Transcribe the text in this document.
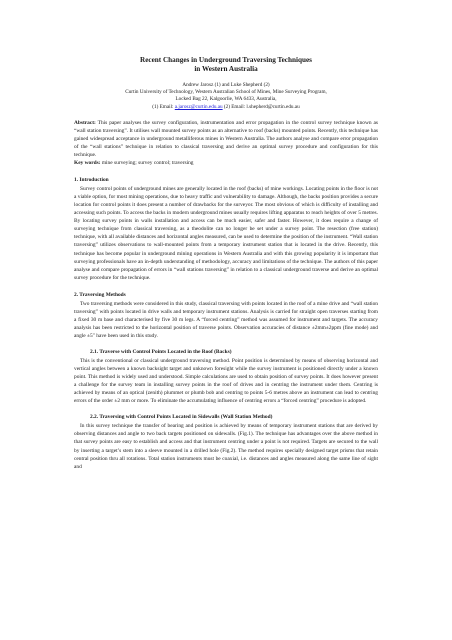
Recent Changes in Underground Traversing Techniques
in Western Australia
Andrew Jarosz (1) and Luke Shepherd (2)
Curtin University of Technology, Western Australian School of Mines, Mine Surveying Program,
Locked Bag 22, Kalgoorlie, WA 6433, Australia,
(1) Email: a.jarosz@curtin.edu.au (2) Email: l.shepherd@curtin.edu.au

Abstract: This paper analyses the survey configuration, instrumentation and error propagation in the control survey technique known as “wall station traversing”. It utilises wall mounted survey points as an alternative to roof (backs) mounted points. Recently, this technique has gained widespread acceptance in underground metalliferous mines in Western Australia. The authors analyse and compare error propagation of the “wall stations” technique in relation to classical traversing and derive an optimal survey procedure and configuration for this technique.

Key words: mine surveying; survey control; traversing

1. Introduction

Survey control points of underground mines are generally located in the roof (backs) of mine workings. Locating points in the floor is not a viable option, for most mining operations, due to heavy traffic and vulnerability to damage. Although, the backs position provides a secure location for control points it does present a number of drawbacks for the surveyor. The most obvious of which is difficulty of installing and accessing such points. To access the backs in modern underground mines usually requires lifting apparatus to reach heights of over 5 metres. By locating survey points in walls installation and access can be much easier, safer and faster. However, it does require a change of surveying technique from classical traversing, as a theodolite can no longer be set under a survey point. The resection (free station) technique, with all available distances and horizontal angles measured, can be used to determine the position of the instrument. “Wall station traversing” utilizes observations to wall-mounted points from a temporary instrument station that is located in the drive. Recently, this technique has become popular in underground mining operations in Western Australia and with this growing popularity it is important that surveying professionals have an in-depth understanding of methodology, accuracy and limitations of the technique. The authors of this paper analyse and compare propagation of errors in “wall stations traversing” in relation to a classical underground traverse and derive an optimal survey procedure for the technique.

2. Traversing Methods

Two traversing methods were considered in this study, classical traversing with points located in the roof of a mine drive and “wall station traversing” with points located in drive walls and temporary instrument stations. Analysis is carried for straight open traverses starting from a fixed 30 m base and characterised by five 30 m legs. A “forced centring” method was assumed for instrument and targets. The accuracy analysis has been restricted to the horizontal position of traverse points. Observation accuracies of distance ±2mm±2ppm (fine mode) and angle ±5″ have been used in this study.

2.1. Traverse with Control Points Located in the Roof (Backs)

This is the conventional or classical underground traversing method. Point position is determined by means of observing horizontal and vertical angles between a known backsight target and unknown foresight while the survey instrument is positioned directly under a known point. This method is widely used and understood. Simple calculations are used to obtain position of survey points. It does however present a challenge for the survey team in installing survey points in the roof of drives and in centring the instrument under them. Centring is achieved by means of an optical (zenith) plummet or plumb bob and centring to points 5-6 metres above an instrument can lead to centring errors of the order ±2 mm or more. To eliminate the accumulating influence of centring errors a “forced centring” procedure is adopted.

2.2. Traversing with Control Points Located in Sidewalls (Wall Station Method)

In this survey technique the transfer of bearing and position is achieved by means of temporary instrument stations that are derived by observing distances and angle to two back targets positioned on sidewalls. (Fig.1). The technique has advantages over the above method in that survey points are easy to establish and access and that instrument centring under a point is not required. Targets are secured to the wall by inserting a target’s stem into a sleeve mounted in a drilled hole (Fig.2). The method requires specially designed target prisms that retain central position thru all rotations. Total station instruments must be coaxial, i.e. distances and angles measured along the same line of sight and
